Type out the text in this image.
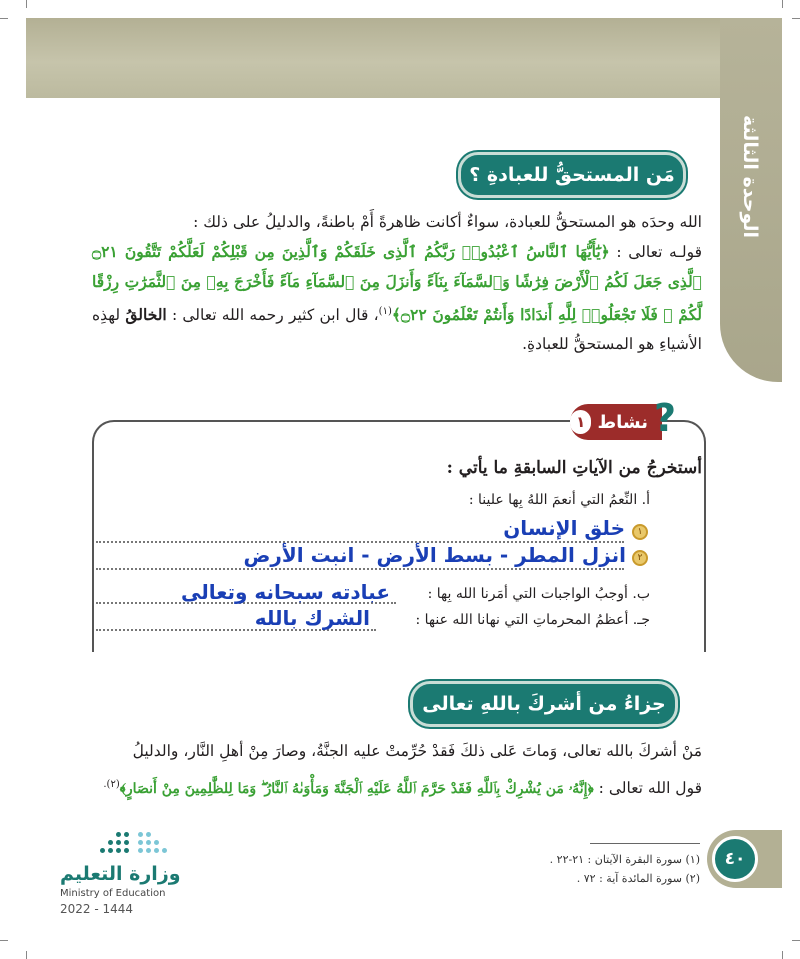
الوحدة الثالثة
مَن المستحقُّ للعبادةِ ؟
الله وحدَه هو المستحقُّ للعبادة، سواءٌ أكانت ظاهرةً أَمْ باطنةً، والدليلُ على ذلك :
قولـه تعالى : ﴿يَٰٓأَيُّهَا ٱلنَّاسُ ٱعْبُدُوا۟ رَبَّكُمُ ٱلَّذِى خَلَقَكُمْ وَٱلَّذِينَ مِن قَبْلِكُمْ لَعَلَّكُمْ تَتَّقُونَ ۝٢١ ٱلَّذِى جَعَلَ لَكُمُ ٱلْأَرْضَ فِرَٰشًا وَٱلسَّمَآءَ بِنَآءً وَأَنزَلَ مِنَ ٱلسَّمَآءِ مَآءً فَأَخْرَجَ بِهِۦ مِنَ ٱلثَّمَرَٰتِ رِزْقًا لَّكُمْ ۖ فَلَا تَجْعَلُوا۟ لِلَّهِ أَندَادًا وَأَنتُمْ تَعْلَمُونَ ۝٢٢﴾$^{(١)}$، قال ابن كثير رحمه الله تعالى : الخالقُ لهذِه الأشياءِ هو المستحقُّ للعبادةِ.
نشاط
١ ?
أستخرجُ من الآياتِ السابقةِ ما يأتي :
أ. النِّعمُ التي أنعمَ اللهُ بِها علينا :
١
خلق الإنسان
٢
انزل المطر - بسط الأرض - انبت الأرض
ب. أوجبُ الواجبات التي أمَرنا الله بِها :
عبادته سبحانه وتعالى
جـ. أعظمُ المحرماتِ التي نهانا الله عنها :
الشرك بالله
جزاءُ من أشركَ باللهِ تعالى
مَنْ أشركَ بالله تعالى، وَماتَ عَلى ذلكَ فَقدْ حُرِّمتْ عليه الجنَّةُ، وصارَ مِنْ أهلِ النَّار، والدليلُ
قول الله تعالى : ﴿إِنَّهُۥ مَن يُشْرِكْ بِٱللَّهِ فَقَدْ حَرَّمَ ٱللَّهُ عَلَيْهِ ٱلْجَنَّةَ وَمَأْوَىٰهُ ٱلنَّارُ ۖ وَمَا لِلظَّٰلِمِينَ مِنْ أَنصَارٍ﴾$^{(٢).}$
(١) سورة البقرة الآيتان : ٢١-٢٢ .
(٢) سورة المائدة آية : ٧٢ .
٤٠
وزارة التعليم
Ministry of Education
2022 - 1444
